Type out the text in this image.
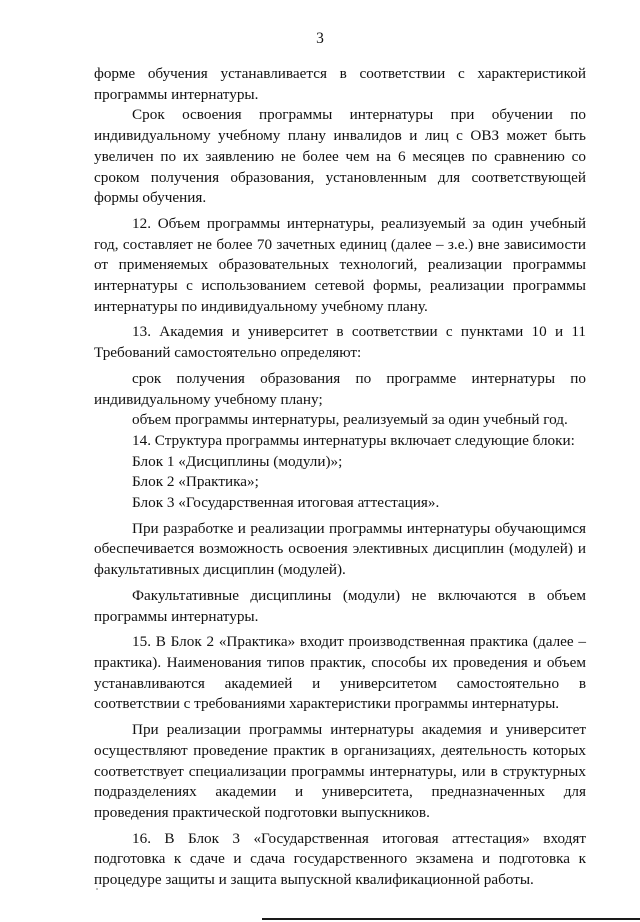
3

форме обучения устанавливается в соответствии с характеристикой программы интернатуры.

Срок освоения программы интернатуры при обучении по индивидуальному учебному плану инвалидов и лиц с ОВЗ может быть увеличен по их заявлению не более чем на 6 месяцев по сравнению со сроком получения образования, установленным для соответствующей формы обучения.

12. Объем программы интернатуры, реализуемый за один учебный год, составляет не более 70 зачетных единиц (далее – з.е.) вне зависимости от применяемых образовательных технологий, реализации программы интернатуры с использованием сетевой формы, реализации программы интернатуры по индивидуальному учебному плану.

13. Академия и университет в соответствии с пунктами 10 и 11 Требований самостоятельно определяют:

срок получения образования по программе интернатуры по индивидуальному учебному плану;

объем программы интернатуры, реализуемый за один учебный год.

14. Структура программы интернатуры включает следующие блоки:

Блок 1 «Дисциплины (модули)»;

Блок 2 «Практика»;

Блок 3 «Государственная итоговая аттестация».

При разработке и реализации программы интернатуры обучающимся обеспечивается возможность освоения элективных дисциплин (модулей) и факультативных дисциплин (модулей).

Факультативные дисциплины (модули) не включаются в объем программы интернатуры.

15. В Блок 2 «Практика» входит производственная практика (далее – практика). Наименования типов практик, способы их проведения и объем устанавливаются академией и университетом самостоятельно в соответствии с требованиями характеристики программы интернатуры.

При реализации программы интернатуры академия и университет осуществляют проведение практик в организациях, деятельность которых соответствует специализации программы интернатуры, или в структурных подразделениях академии и университета, предназначенных для проведения практической подготовки выпускников.

16. В Блок 3 «Государственная итоговая аттестация» входят подготовка к сдаче и сдача государственного экзамена и подготовка к процедуре защиты и защита выпускной квалификационной работы.
